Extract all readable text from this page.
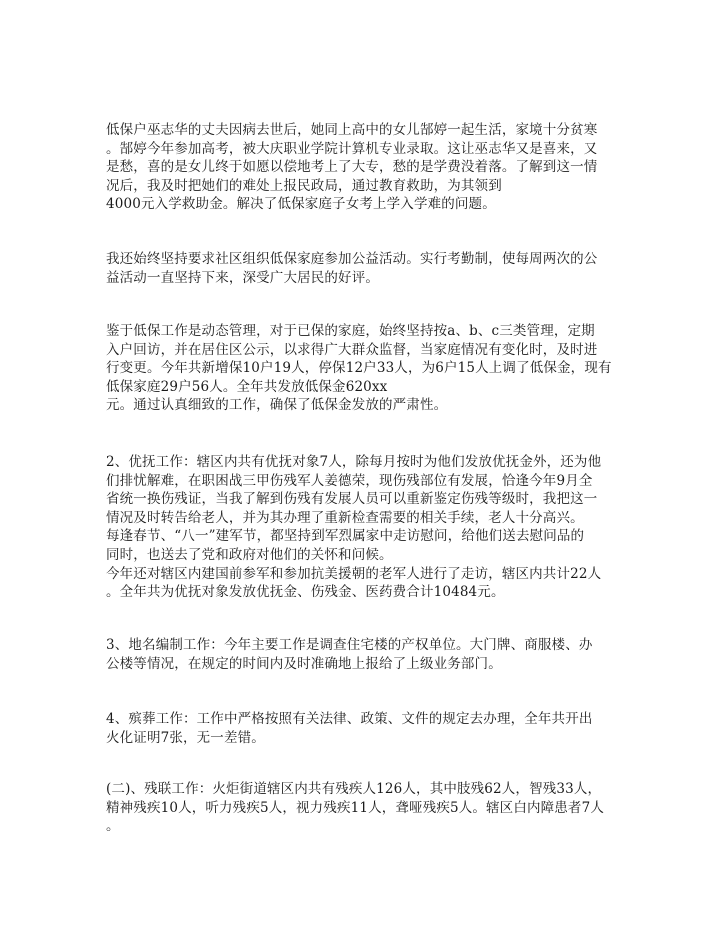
低保户巫志华的丈夫因病去世后，她同上高中的女儿郜婷一起生活，家境十分贫寒
。郜婷今年参加高考，被大庆职业学院计算机专业录取。这让巫志华又是喜来，又
是愁，喜的是女儿终于如愿以偿地考上了大专，愁的是学费没着落。了解到这一情
况后，我及时把她们的难处上报民政局，通过教育救助，为其领到
4000元入学救助金。解决了低保家庭子女考上学入学难的问题。

我还始终坚持要求社区组织低保家庭参加公益活动。实行考勤制，使每周两次的公
益活动一直坚持下来，深受广大居民的好评。

鉴于低保工作是动态管理，对于已保的家庭，始终坚持按a、b、c三类管理，定期
入户回访，并在居住区公示，以求得广大群众监督，当家庭情况有变化时，及时进
行变更。今年共新增保10户19人，停保12户33人，为6户15人上调了低保金，现有
低保家庭29户56人。全年共发放低保金620xx
元。通过认真细致的工作，确保了低保金发放的严肃性。

2、优抚工作：辖区内共有优抚对象7人，除每月按时为他们发放优抚金外，还为他
们排忧解难，在职困战三甲伤残军人姜德荣，现伤残部位有发展，恰逢今年9月全
省统一换伤残证，当我了解到伤残有发展人员可以重新鉴定伤残等级时，我把这一
情况及时转告给老人，并为其办理了重新检查需要的相关手续，老人十分高兴。
每逢春节、“八一”建军节，都坚持到军烈属家中走访慰问，给他们送去慰问品的
同时，也送去了党和政府对他们的关怀和问候。
今年还对辖区内建国前参军和参加抗美援朝的老军人进行了走访，辖区内共计22人
。全年共为优抚对象发放优抚金、伤残金、医药费合计10484元。

3、地名编制工作：今年主要工作是调查住宅楼的产权单位。大门牌、商服楼、办
公楼等情况，在规定的时间内及时准确地上报给了上级业务部门。

4、殡葬工作：工作中严格按照有关法律、政策、文件的规定去办理，全年共开出
火化证明7张，无一差错。

(二)、残联工作：火炬街道辖区内共有残疾人126人，其中肢残62人，智残33人，
精神残疾10人，听力残疾5人，视力残疾11人，聋哑残疾5人。辖区白内障患者7人
。
